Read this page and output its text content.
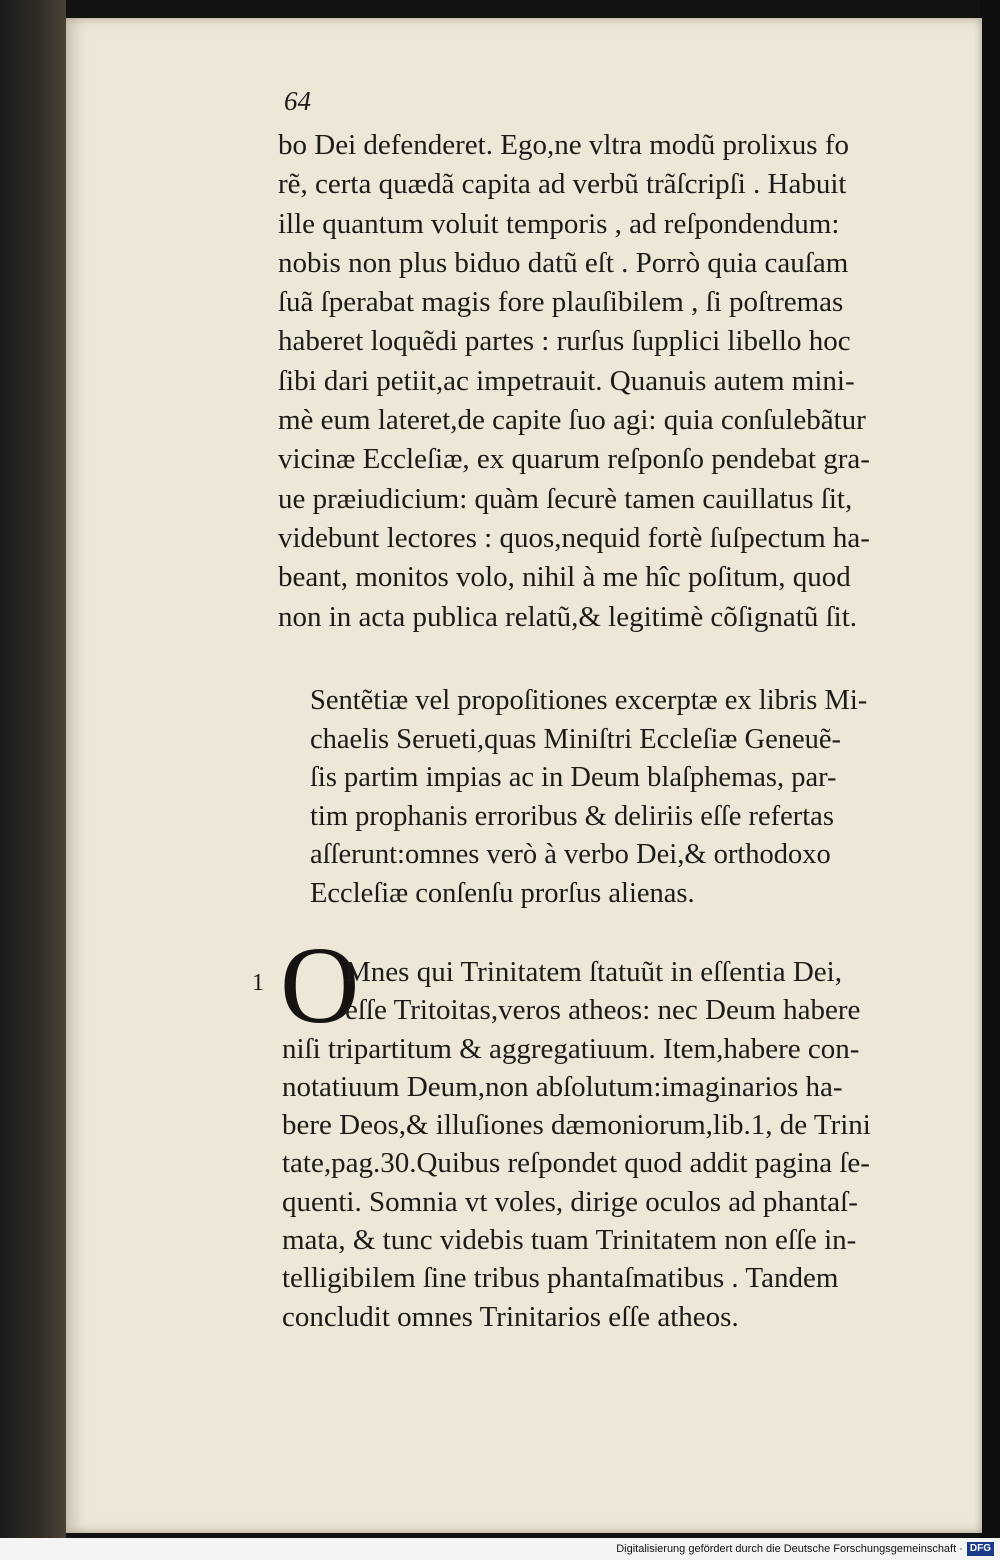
64
bo Dei defenderet. Ego,ne vltra modũ prolixus fo
rẽ, certa quædã capita ad verbũ trãſcripſi . Habuit
ille quantum voluit temporis , ad reſpondendum:
nobis non plus biduo datũ eſt . Porrò quia cauſam
ſuã ſperabat magis fore plauſibilem , ſi poſtremas
haberet loquẽdi partes : rurſus ſupplici libello hoc
ſibi dari petiit,ac impetrauit. Quanuis autem mini-
mè eum lateret,de capite ſuo agi: quia conſulebãtur
vicinæ Eccleſiæ, ex quarum reſponſo pendebat gra-
ue præiudicium: quàm ſecurè tamen cauillatus ſit,
videbunt lectores : quos,nequid fortè ſuſpectum ha-
beant, monitos volo, nihil à me hîc poſitum, quod
non in acta publica relatũ,& legitimè cõſignatũ ſit.
Sentẽtiæ vel propoſitiones excerptæ ex libris Mi-
chaelis Serueti,quas Miniſtri Eccleſiæ Geneuẽ-
ſis partim impias ac in Deum blaſphemas, par-
tim prophanis erroribus & deliriis eſſe refertas
aſſerunt:omnes verò à verbo Dei,& orthodoxo
Eccleſiæ conſenſu prorſus alienas.
1 O
Mnes qui Trinitatem ſtatuũt in eſſentia Dei,
eſſe Tritoitas,veros atheos: nec Deum habere
niſi tripartitum & aggregatiuum. Item,habere con-
notatiuum Deum,non abſolutum:imaginarios ha-
bere Deos,& illuſiones dæmoniorum,lib.1, de Trini
tate,pag.30.Quibus reſpondet quod addit pagina ſe-
quenti. Somnia vt voles, dirige oculos ad phantaſ-
mata, & tunc videbis tuam Trinitatem non eſſe in-
telligibilem ſine tribus phantaſmatibus . Tandem
concludit omnes Trinitarios eſſe atheos.
Digitalisierung gefördert durch die Deutsche Forschungsgemeinschaft · DFG
